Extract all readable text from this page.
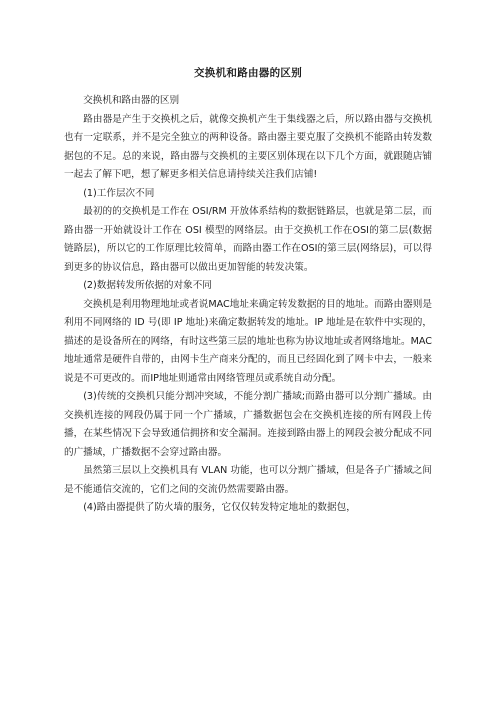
交换机和路由器的区别

交换机和路由器的区别

路由器是产生于交换机之后，就像交换机产生于集线器之后，所以路由器与交换机也有一定联系，并不是完全独立的两种设备。路由器主要克服了交换机不能路由转发数据包的不足。总的来说，路由器与交换机的主要区别体现在以下几个方面，就跟随店铺一起去了解下吧，想了解更多相关信息请持续关注我们店铺!

(1)工作层次不同

最初的的交换机是工作在 OSI/RM 开放体系结构的数据链路层，也就是第二层，而路由器一开始就设计工作在 OSI 模型的网络层。由于交换机工作在OSI的第二层(数据链路层)，所以它的工作原理比较简单，而路由器工作在OSI的第三层(网络层)，可以得到更多的协议信息，路由器可以做出更加智能的转发决策。

(2)数据转发所依据的对象不同

交换机是利用物理地址或者说MAC地址来确定转发数据的目的地址。而路由器则是利用不同网络的 ID 号(即 IP 地址)来确定数据转发的地址。IP 地址是在软件中实现的，描述的是设备所在的网络，有时这些第三层的地址也称为协议地址或者网络地址。MAC 地址通常是硬件自带的，由网卡生产商来分配的，而且已经固化到了网卡中去，一般来说是不可更改的。而IP地址则通常由网络管理员或系统自动分配。

(3)传统的交换机只能分割冲突域，不能分割广播域;而路由器可以分割广播域。由交换机连接的网段仍属于同一个广播域，广播数据包会在交换机连接的所有网段上传播，在某些情况下会导致通信拥挤和安全漏洞。连接到路由器上的网段会被分配成不同的广播域，广播数据不会穿过路由器。

虽然第三层以上交换机具有 VLAN 功能，也可以分割广播域，但是各子广播域之间是不能通信交流的，它们之间的交流仍然需要路由器。

(4)路由器提供了防火墙的服务，它仅仅转发特定地址的数据包，
